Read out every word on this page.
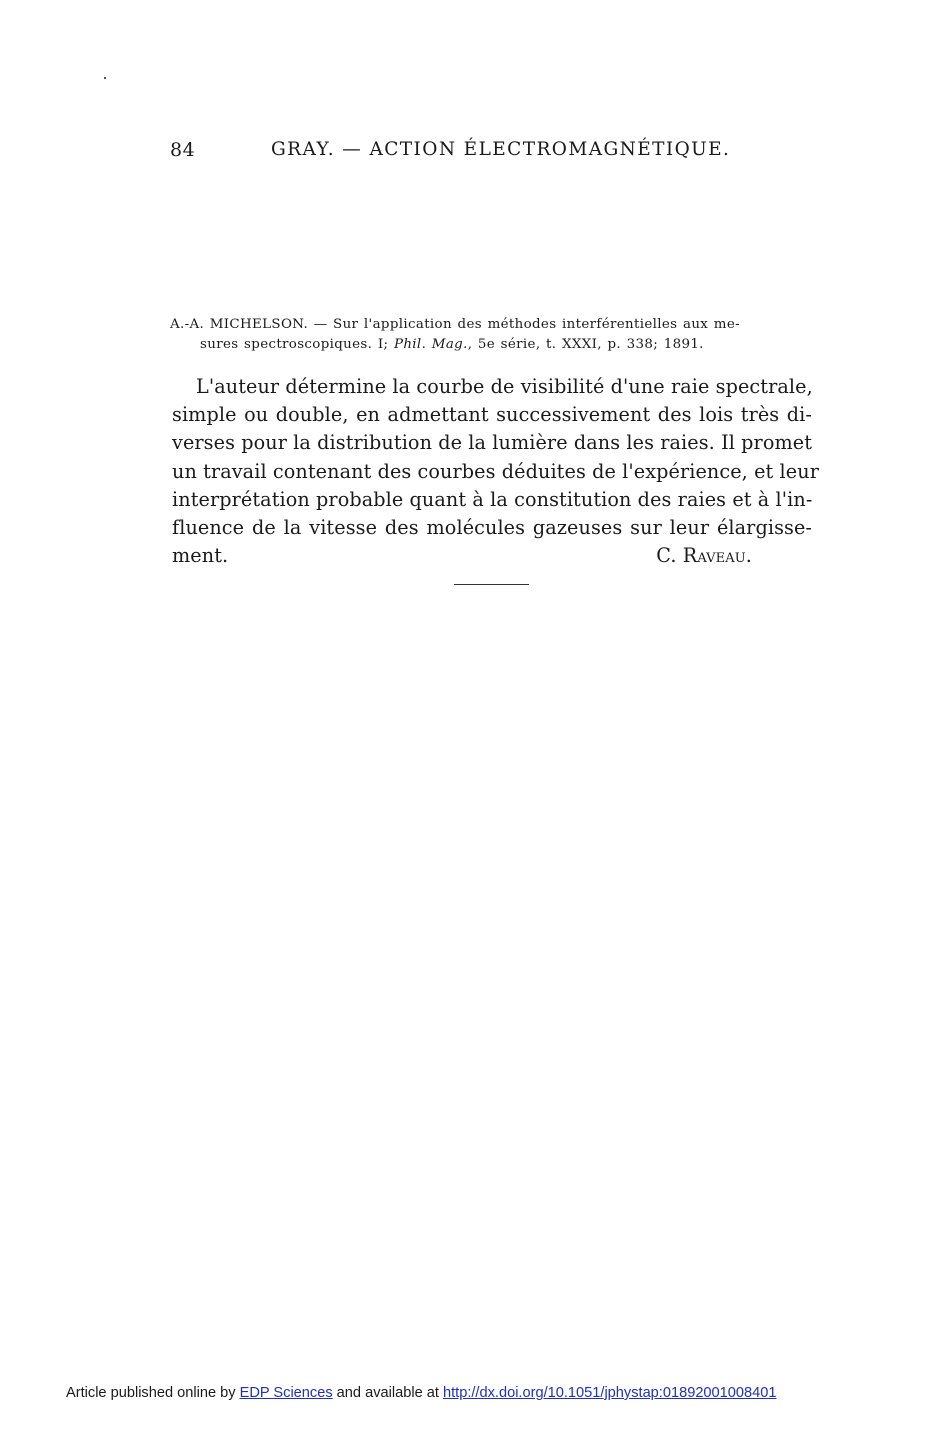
84	GRAY. — ACTION ÉLECTROMAGNÉTIQUE.
A.-A. MICHELSON. — Sur l'application des méthodes interférentielles aux me-
sures spectroscopiques. I; Phil. Mag., 5e série, t. XXXI, p. 338; 1891.
L'auteur détermine la courbe de visibilité d'une raie spectrale,
simple ou double, en admettant successivement des lois très di-
verses pour la distribution de la lumière dans les raies. Il promet
un travail contenant des courbes déduites de l'expérience, et leur
interprétation probable quant à la constitution des raies et à l'in-
fluence de la vitesse des molécules gazeuses sur leur élargisse-
ment.	C. Raveau.
Article published online by EDP Sciences and available at http://dx.doi.org/10.1051/jphystap:01892001008401
